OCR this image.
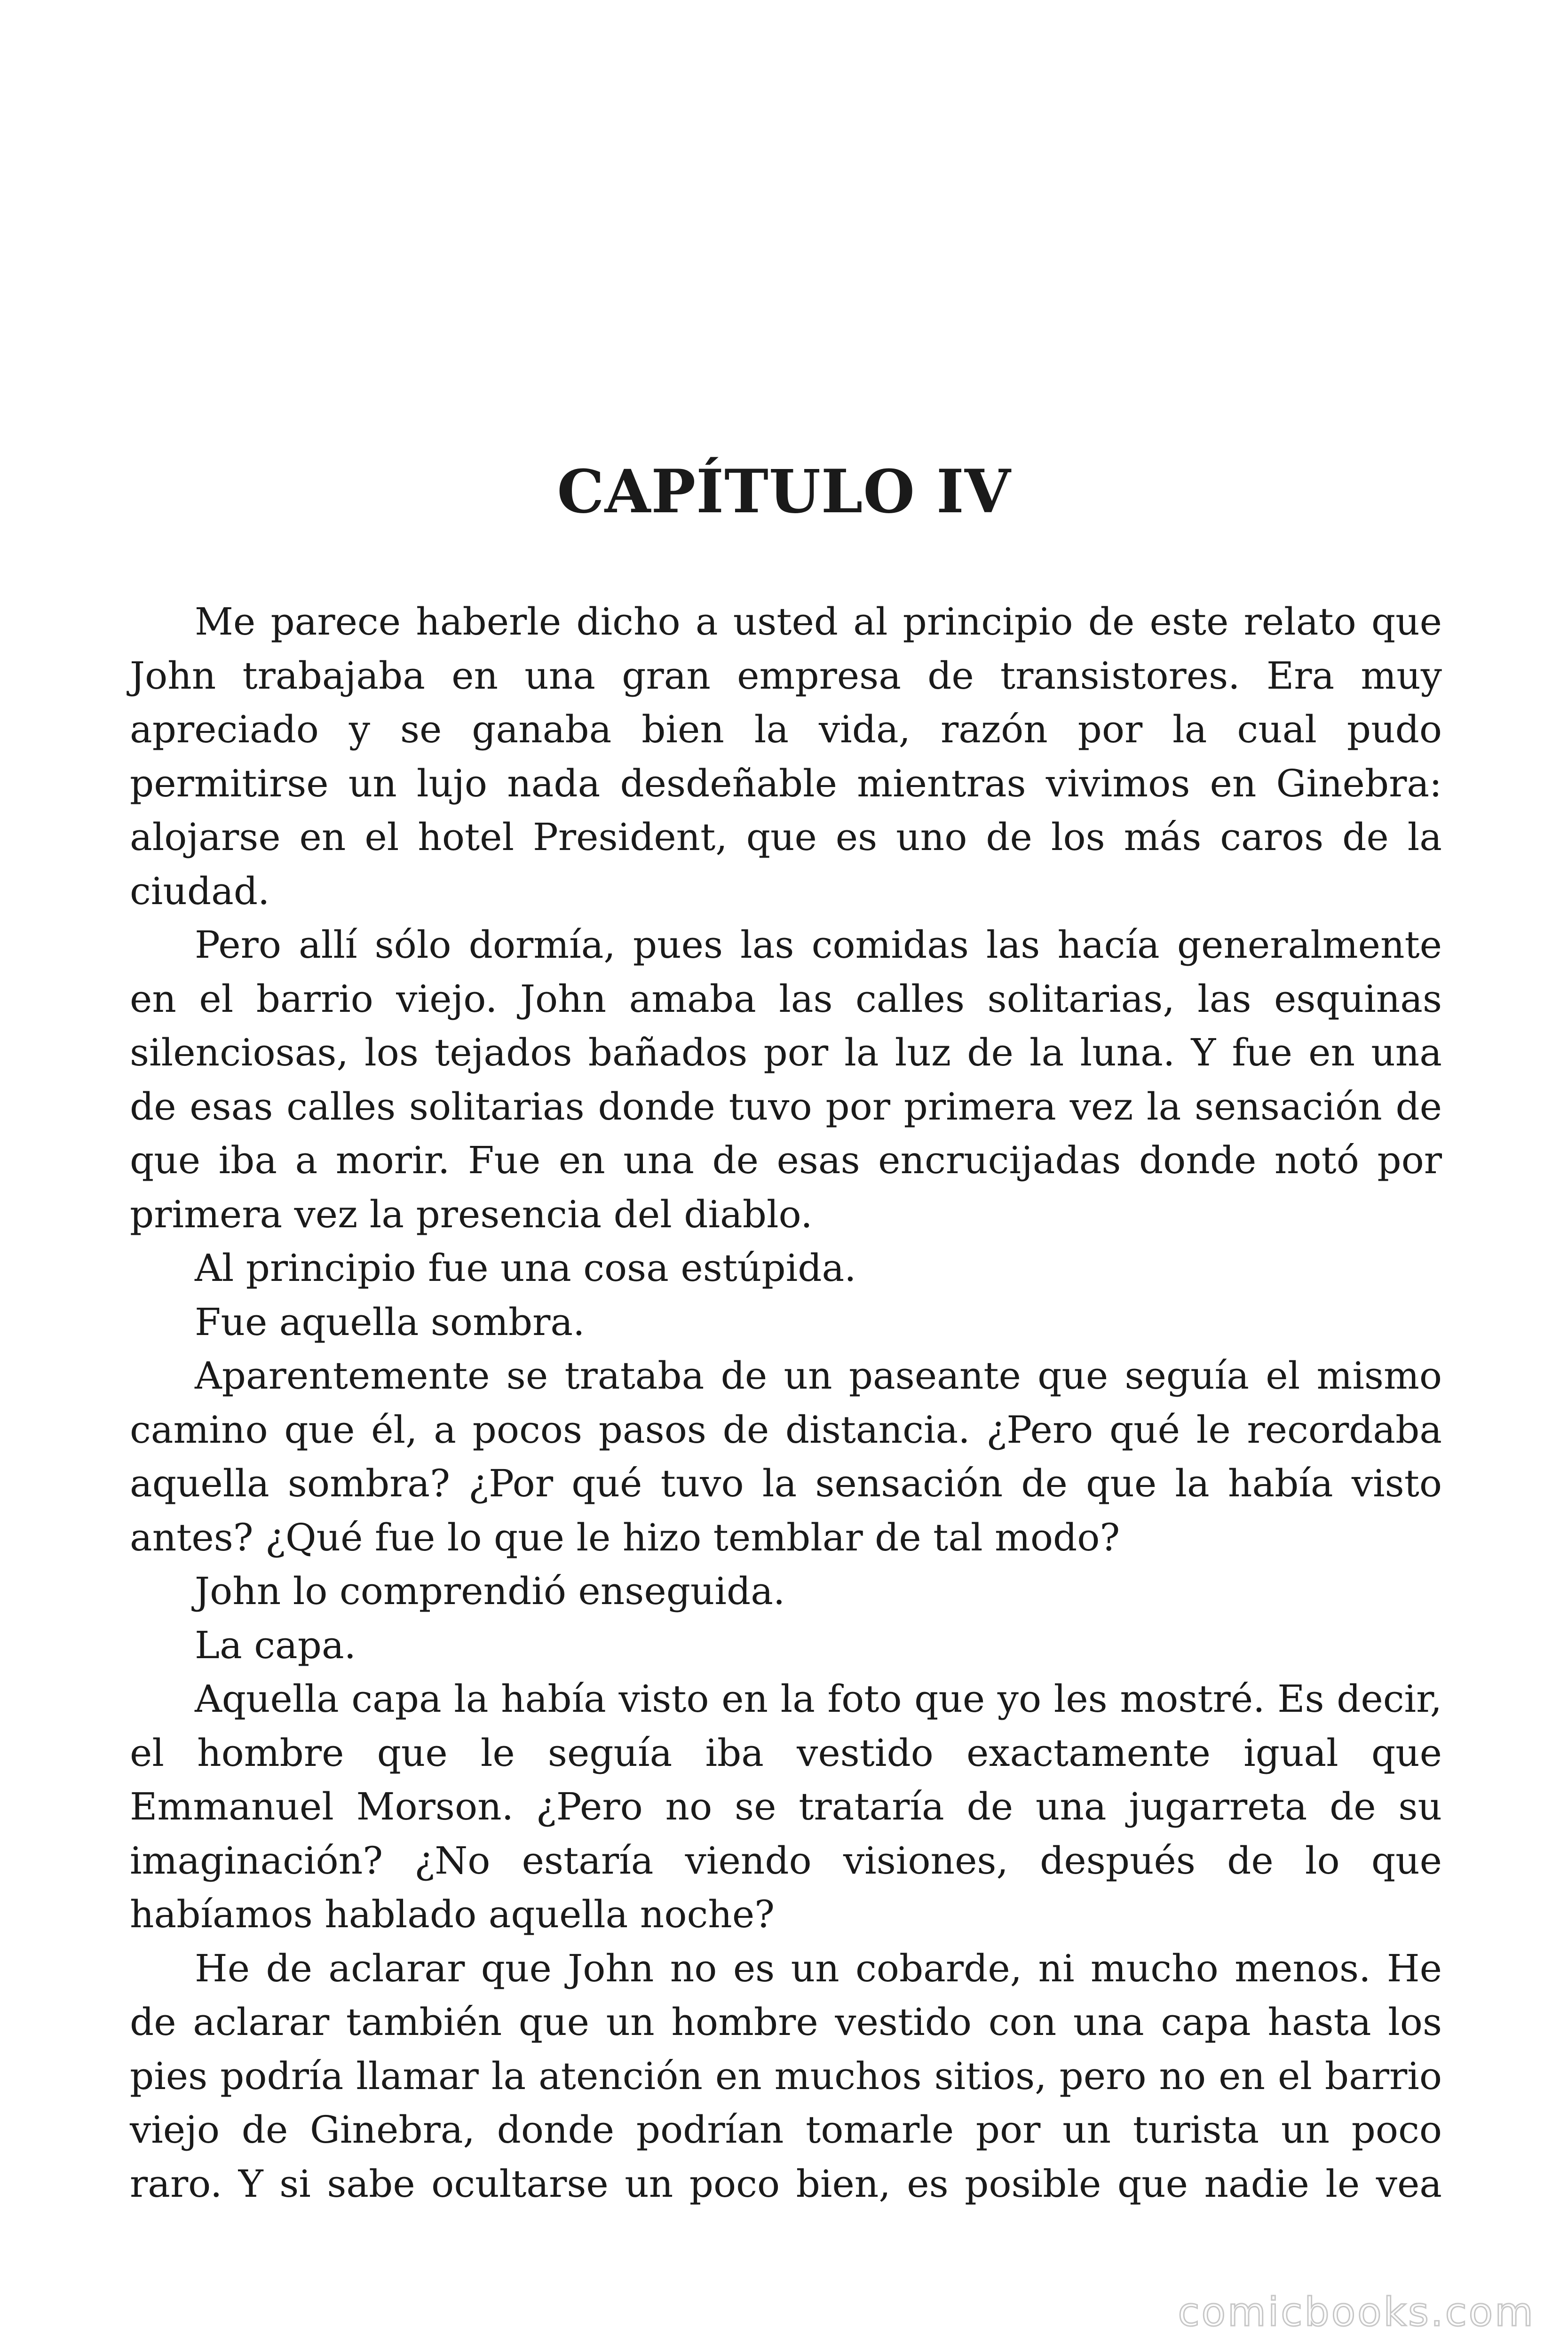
CAPÍTULO IV

Me parece haberle dicho a usted al principio de este relato que John trabajaba en una gran empresa de transistores. Era muy apreciado y se ganaba bien la vida, razón por la cual pudo permitirse un lujo nada desdeñable mientras vivimos en Ginebra: alojarse en el hotel President, que es uno de los más caros de la ciudad.

Pero allí sólo dormía, pues las comidas las hacía generalmente en el barrio viejo. John amaba las calles solitarias, las esquinas silenciosas, los tejados bañados por la luz de la luna. Y fue en una de esas calles solitarias donde tuvo por primera vez la sensación de que iba a morir. Fue en una de esas encrucijadas donde notó por primera vez la presencia del diablo.

Al principio fue una cosa estúpida.

Fue aquella sombra.

Aparentemente se trataba de un paseante que seguía el mismo camino que él, a pocos pasos de distancia. ¿Pero qué le recordaba aquella sombra? ¿Por qué tuvo la sensación de que la había visto antes? ¿Qué fue lo que le hizo temblar de tal modo?

John lo comprendió enseguida.

La capa.

Aquella capa la había visto en la foto que yo les mostré. Es decir, el hombre que le seguía iba vestido exactamente igual que Emmanuel Morson. ¿Pero no se trataría de una jugarreta de su imaginación? ¿No estaría viendo visiones, después de lo que habíamos hablado aquella noche?

He de aclarar que John no es un cobarde, ni mucho menos. He de aclarar también que un hombre vestido con una capa hasta los pies podría llamar la atención en muchos sitios, pero no en el barrio viejo de Ginebra, donde podrían tomarle por un turista un poco raro. Y si sabe ocultarse un poco bien, es posible que nadie le vea

comicbooks.com
